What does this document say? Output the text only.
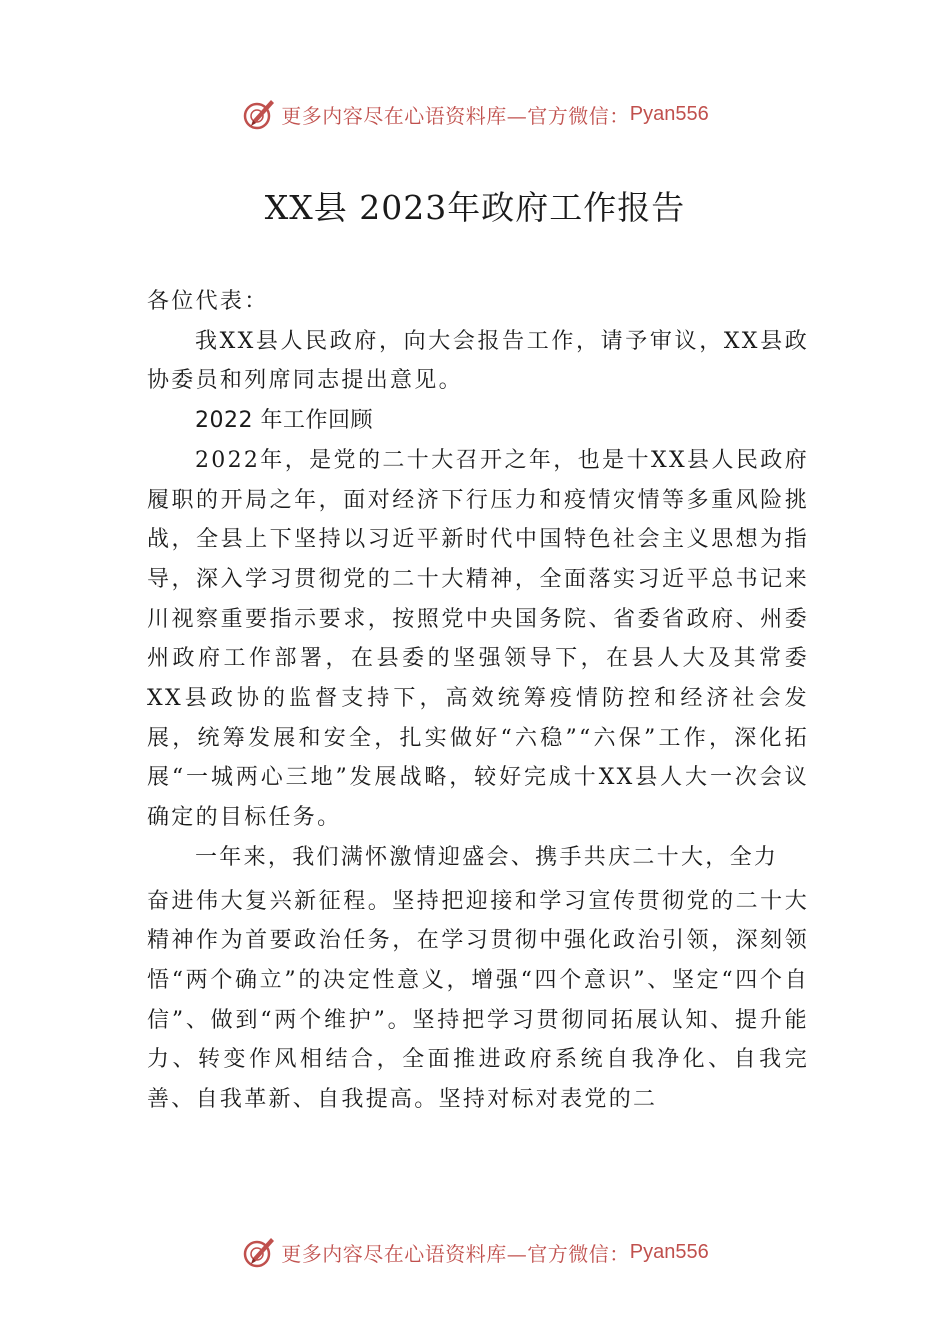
更多内容尽在心语资料库—官方微信： Pyan556
XX县 2023年政府工作报告

各位代表：

我XX县人民政府，向大会报告工作，请予审议，XX县政协委员和列席同志提出意见。

2022 年工作回顾

2022年，是党的二十大召开之年，也是十XX县人民政府履职的开局之年，面对经济下行压力和疫情灾情等多重风险挑战，全县上下坚持以习近平新时代中国特色社会主义思想为指导，深入学习贯彻党的二十大精神，全面落实习近平总书记来川视察重要指示要求，按照党中央国务院、省委省政府、州委州政府工作部署，在县委的坚强领导下，在县人大及其常委XX县政协的监督支持下，高效统筹疫情防控和经济社会发展，统筹发展和安全，扎实做好“六稳”“六保”工作，深化拓展“一城两心三地”发展战略，较好完成十XX县人大一次会议确定的目标任务。

一年来，我们满怀激情迎盛会、携手共庆二十大，全力

奋进伟大复兴新征程。坚持把迎接和学习宣传贯彻党的二十大精神作为首要政治任务，在学习贯彻中强化政治引领，深刻领悟“两个确立”的决定性意义，增强“四个意识”、坚定“四个自信”、做到“两个维护”。坚持把学习贯彻同拓展认知、提升能力、转变作风相结合，全面推进政府系统自我净化、自我完善、自我革新、自我提高。坚持对标对表党的二

更多内容尽在心语资料库—官方微信： Pyan556
